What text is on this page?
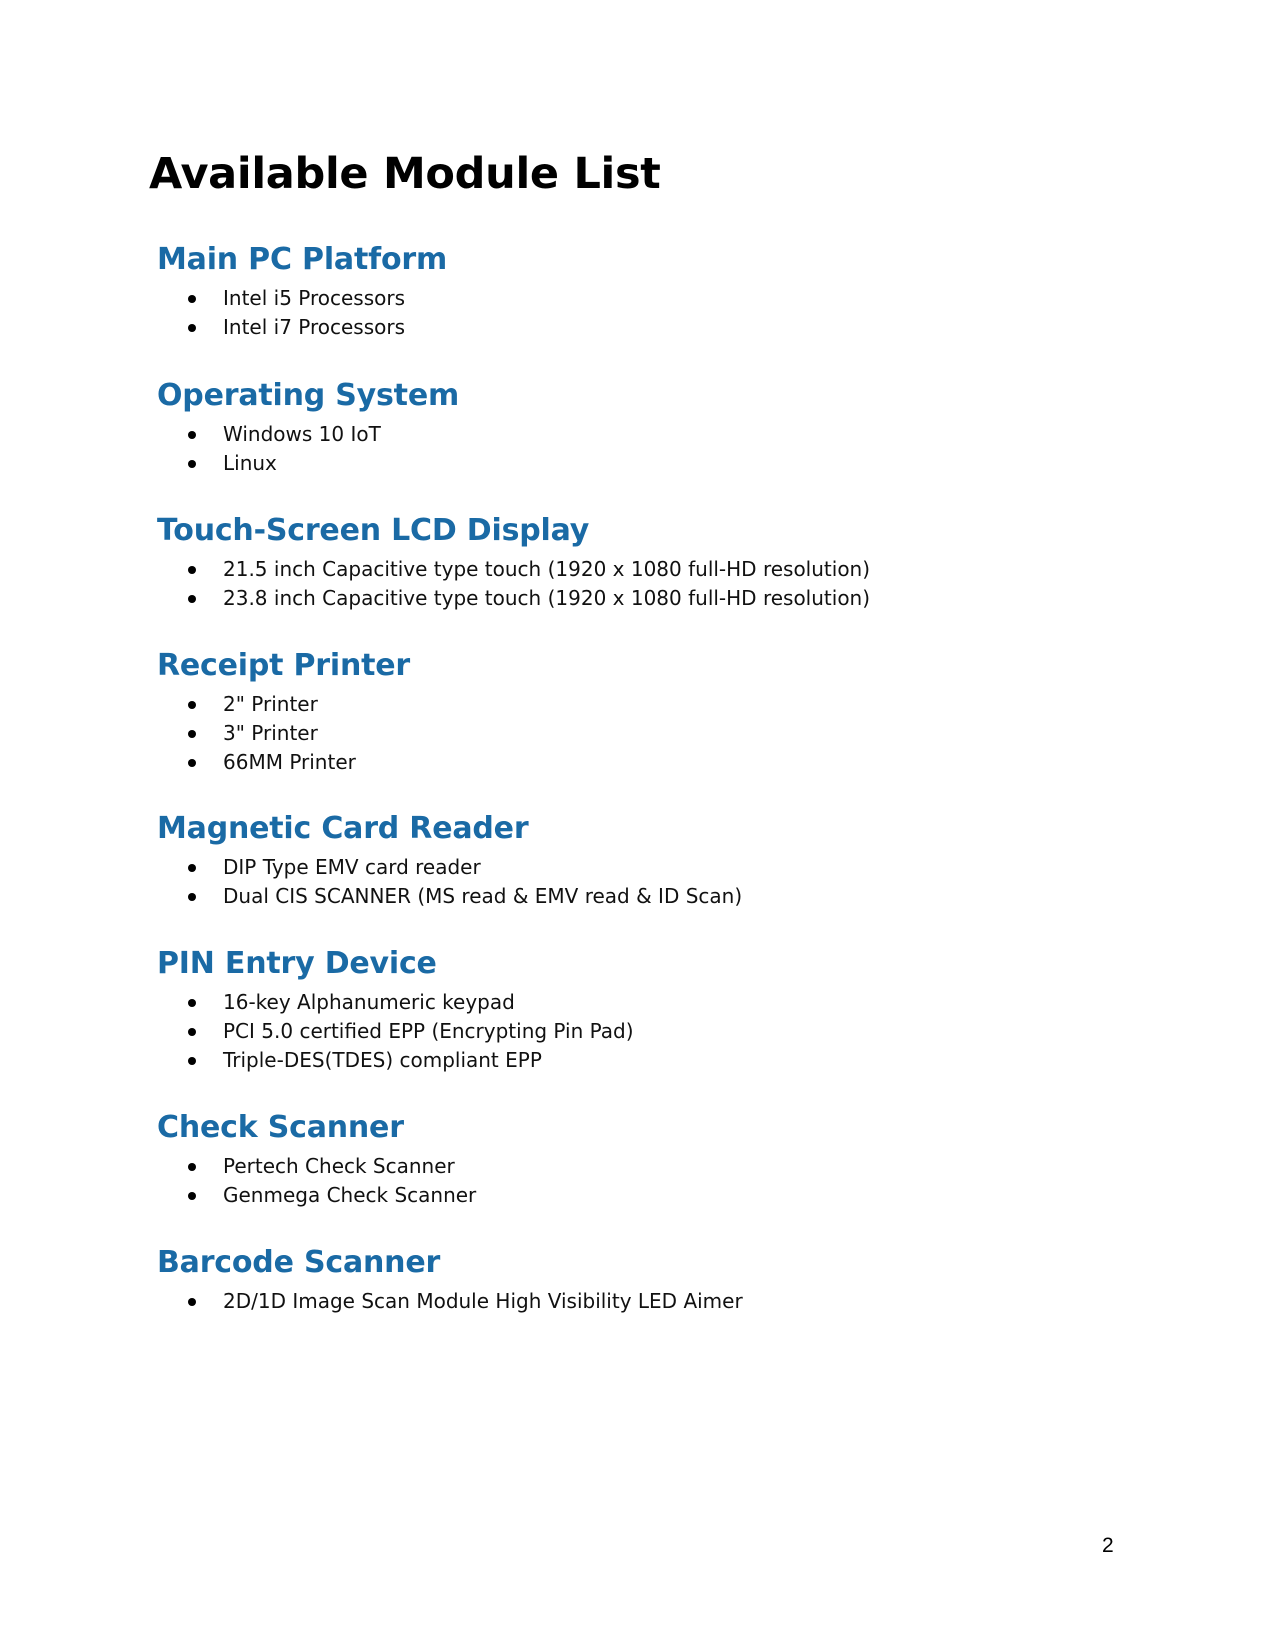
Available Module List
Main PC Platform
Intel i5 Processors
Intel i7 Processors
Operating System
Windows 10 IoT
Linux
Touch-Screen LCD Display
21.5 inch Capacitive type touch (1920 x 1080 full-HD resolution)
23.8 inch Capacitive type touch (1920 x 1080 full-HD resolution)
Receipt Printer
2" Printer
3" Printer
66MM Printer
Magnetic Card Reader
DIP Type EMV card reader
Dual CIS SCANNER (MS read & EMV read & ID Scan)
PIN Entry Device
16-key Alphanumeric keypad
PCI 5.0 certified EPP (Encrypting Pin Pad)
Triple-DES(TDES) compliant EPP
Check Scanner
Pertech Check Scanner
Genmega Check Scanner
Barcode Scanner
2D/1D Image Scan Module High Visibility LED Aimer
2
